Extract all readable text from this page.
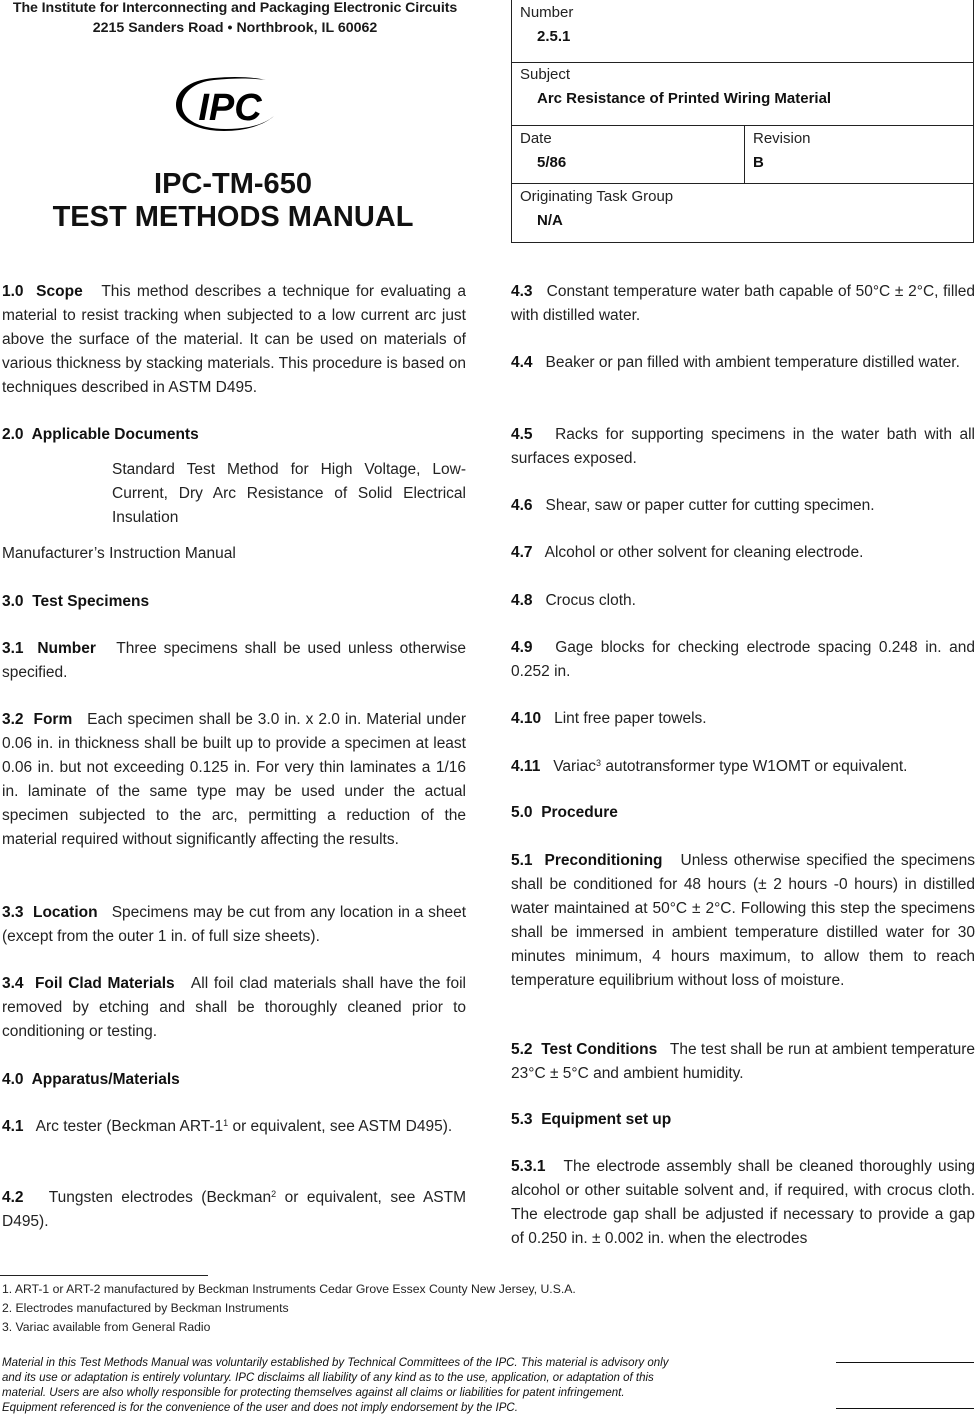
The Institute for Interconnecting and Packaging Electronic Circuits
2215 Sanders Road • Northbrook, IL 60062
IPC
IPC-TM-650
TEST METHODS MANUAL
Number
2.5.1
Subject
Arc Resistance of Printed Wiring Material
Date
5/86
Revision
B
Originating Task Group
N/A

1.0 Scope This method describes a technique for evaluating a material to resist tracking when subjected to a low current arc just above the surface of the material. It can be used on materials of various thickness by stacking materials. This procedure is based on techniques described in ASTM D495.

2.0 Applicable Documents

Standard Test Method for High Voltage, Low-Current, Dry Arc Resistance of Solid Electrical Insulation

Manufacturer’s Instruction Manual

3.0 Test Specimens

3.1 Number Three specimens shall be used unless otherwise specified.

3.2 Form Each specimen shall be 3.0 in. x 2.0 in. Material under 0.06 in. in thickness shall be built up to provide a specimen at least 0.06 in. but not exceeding 0.125 in. For very thin laminates a 1/16 in. laminate of the same type may be used under the actual specimen subjected to the arc, permitting a reduction of the material required without significantly affecting the results.

3.3 Location Specimens may be cut from any location in a sheet (except from the outer 1 in. of full size sheets).

3.4 Foil Clad Materials All foil clad materials shall have the foil removed by etching and shall be thoroughly cleaned prior to conditioning or testing.

4.0 Apparatus/Materials

4.1 Arc tester (Beckman ART-$1^1$ or equivalent, see ASTM D495).

4.2 Tungsten electrodes (Beckman$^2$ or equivalent, see ASTM D495).

4.3 Constant temperature water bath capable of 50°C ± 2°C, filled with distilled water.

4.4 Beaker or pan filled with ambient temperature distilled water.

4.5 Racks for supporting specimens in the water bath with all surfaces exposed.

4.6 Shear, saw or paper cutter for cutting specimen.

4.7 Alcohol or other solvent for cleaning electrode.

4.8 Crocus cloth.

4.9 Gage blocks for checking electrode spacing 0.248 in. and 0.252 in.

4.10 Lint free paper towels.

4.11 Variac$^3$ autotransformer type W1OMT or equivalent.

5.0 Procedure

5.1 Preconditioning Unless otherwise specified the specimens shall be conditioned for 48 hours (± 2 hours -0 hours) in distilled water maintained at 50°C ± 2°C. Following this step the specimens shall be immersed in ambient temperature distilled water for 30 minutes minimum, 4 hours maximum, to allow them to reach temperature equilibrium without loss of moisture.

5.2 Test Conditions The test shall be run at ambient temperature 23°C ± 5°C and ambient humidity.

5.3 Equipment set up

5.3.1 The electrode assembly shall be cleaned thoroughly using alcohol or other suitable solvent and, if required, with crocus cloth. The electrode gap shall be adjusted if necessary to provide a gap of 0.250 in. ± 0.002 in. when the electrodes

1. ART-1 or ART-2 manufactured by Beckman Instruments Cedar Grove Essex County New Jersey, U.S.A.
2. Electrodes manufactured by Beckman Instruments
3. Variac available from General Radio
Material in this Test Methods Manual was voluntarily established by Technical Committees of the IPC. This material is advisory only
and its use or adaptation is entirely voluntary. IPC disclaims all liability of any kind as to the use, application, or adaptation of this
material. Users are also wholly responsible for protecting themselves against all claims or liabilities for patent infringement.
Equipment referenced is for the convenience of the user and does not imply endorsement by the IPC.
